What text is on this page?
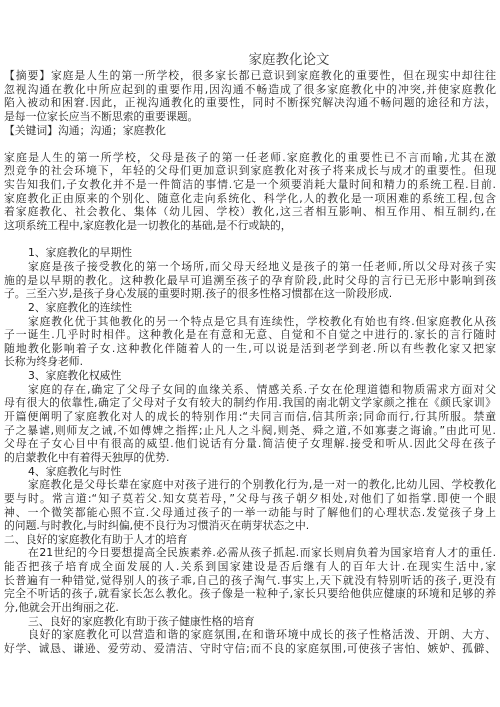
家庭教化论文
【摘要】家庭是人生的第一所学校，很多家长都已意识到家庭教化的重要性，但在现实中却往往
忽视沟通在教化中所应起到的重要作用,因沟通不畅造成了很多家庭教化中的冲突,并使家庭教化
陷入被动和困窘.因此，正视沟通教化的重要性，同时不断探究解决沟通不畅问题的途径和方法，
是每一位家长应当不断思索的重要课题。
【关键词】沟通；沟通；家庭教化
家庭是人生的第一所学校，父母是孩子的第一任老师.家庭教化的重要性已不言而喻,尤其在激
烈竞争的社会环境下，年轻的父母们更加意识到家庭教化对孩子将来成长与成才的重要性。但现
实告知我们,子女教化并不是一件简洁的事情.它是一个须要消耗大量时间和精力的系统工程.目前.
家庭教化正由原来的个别化、随意化走向系统化、科学化,人的教化是一项困难的系统工程,包含
着家庭教化、社会教化、集体（幼儿园、学校）教化,这三者相互影响、相互作用、相互制约,在
这项系统工程中,家庭教化是一切教化的基础,是不行或缺的，
1、家庭教化的早期性
家庭是孩子接受教化的第一个场所,而父母天经地义是孩子的第一任老师,所以父母对孩子实
施的是以早期的教化。这种教化最早可追溯至孩子的孕育阶段,此时父母的言行已无形中影响到孩
子。三至六岁,是孩子身心发展的重要时期.孩子的很多性格习惯都在这一阶段形成.
2、家庭教化的连续性
家庭教化优于其他教化的另一个特点是它具有连续性，学校教化有始也有终.但家庭教化从孩
子一诞生.几乎时时相伴。这种教化是在有意和无意、自觉和不自觉之中进行的.家长的言行随时
随地教化影响着子女.这种教化伴随着人的一生,可以说是活到老学到老.所以有些教化家又把家
长称为终身老师.
3、家庭教化权威性
家庭的存在,确定了父母子女间的血缘关系、情感关系.子女在伦理道德和物质需求方面对父
母有很大的依靠性,确定了父母对子女有较大的制约作用.我国的南北朝文学家颜之推在《颜氏家训》
开篇便阐明了家庭教化对人的成长的特别作用:“夫同言而信,信其所亲;同命而行,行其所服。禁童
子之暴谑,则师友之诫,不如傅婢之指挥;止凡人之斗阋,则尧、舜之道,不如寡妻之诲谕。”由此可见.
父母在子女心目中有很高的威望.他们说话有分量.简洁使子女理解.接受和听从.因此父母在孩子
的启蒙教化中有着得天独厚的优势.
4、家庭教化与时性
家庭教化是父母长辈在家庭中对孩子进行的个别教化行为,是一对一的教化,比幼儿园、学校教化
要与时。常言道:“知子莫若父.知女莫若母，”父母与孩子朝夕相处,对他们了如指掌.即使一个眼
神、一个微笑都能心照不宣.父母通过孩子的一举一动能与时了解他们的心理状态.发觉孩子身上
的问题.与时教化,与时纠偏,使不良行为习惯消灭在萌芽状态之中.
二、良好的家庭教化有助于人才的培育
在21世纪的今日要想提高全民族素养.必需从孩子抓起.而家长则肩负着为国家培育人才的重任.
能否把孩子培育成全面发展的人.关系到国家建设是否后继有人的百年大计.在现实生活中,家
长普遍有一种错觉,觉得别人的孩子乖,自己的孩子淘气.事实上,天下就没有特别听话的孩子,更没有
完全不听话的孩子,就看家长怎么教化。孩子像是一粒种子,家长只要给他供应健康的环境和足够的养
分,他就会开出绚丽之花.
三、良好的家庭教化有助于孩子健康性格的培育
良好的家庭教化可以营造和谐的家庭氛围,在和谐环境中成长的孩子性格活泼、开朗、大方、
好学、诚恳、谦逊、爱劳动、爱清洁、守时守信;而不良的家庭氛围,可使孩子害怕、嫉妒、孤僻、
